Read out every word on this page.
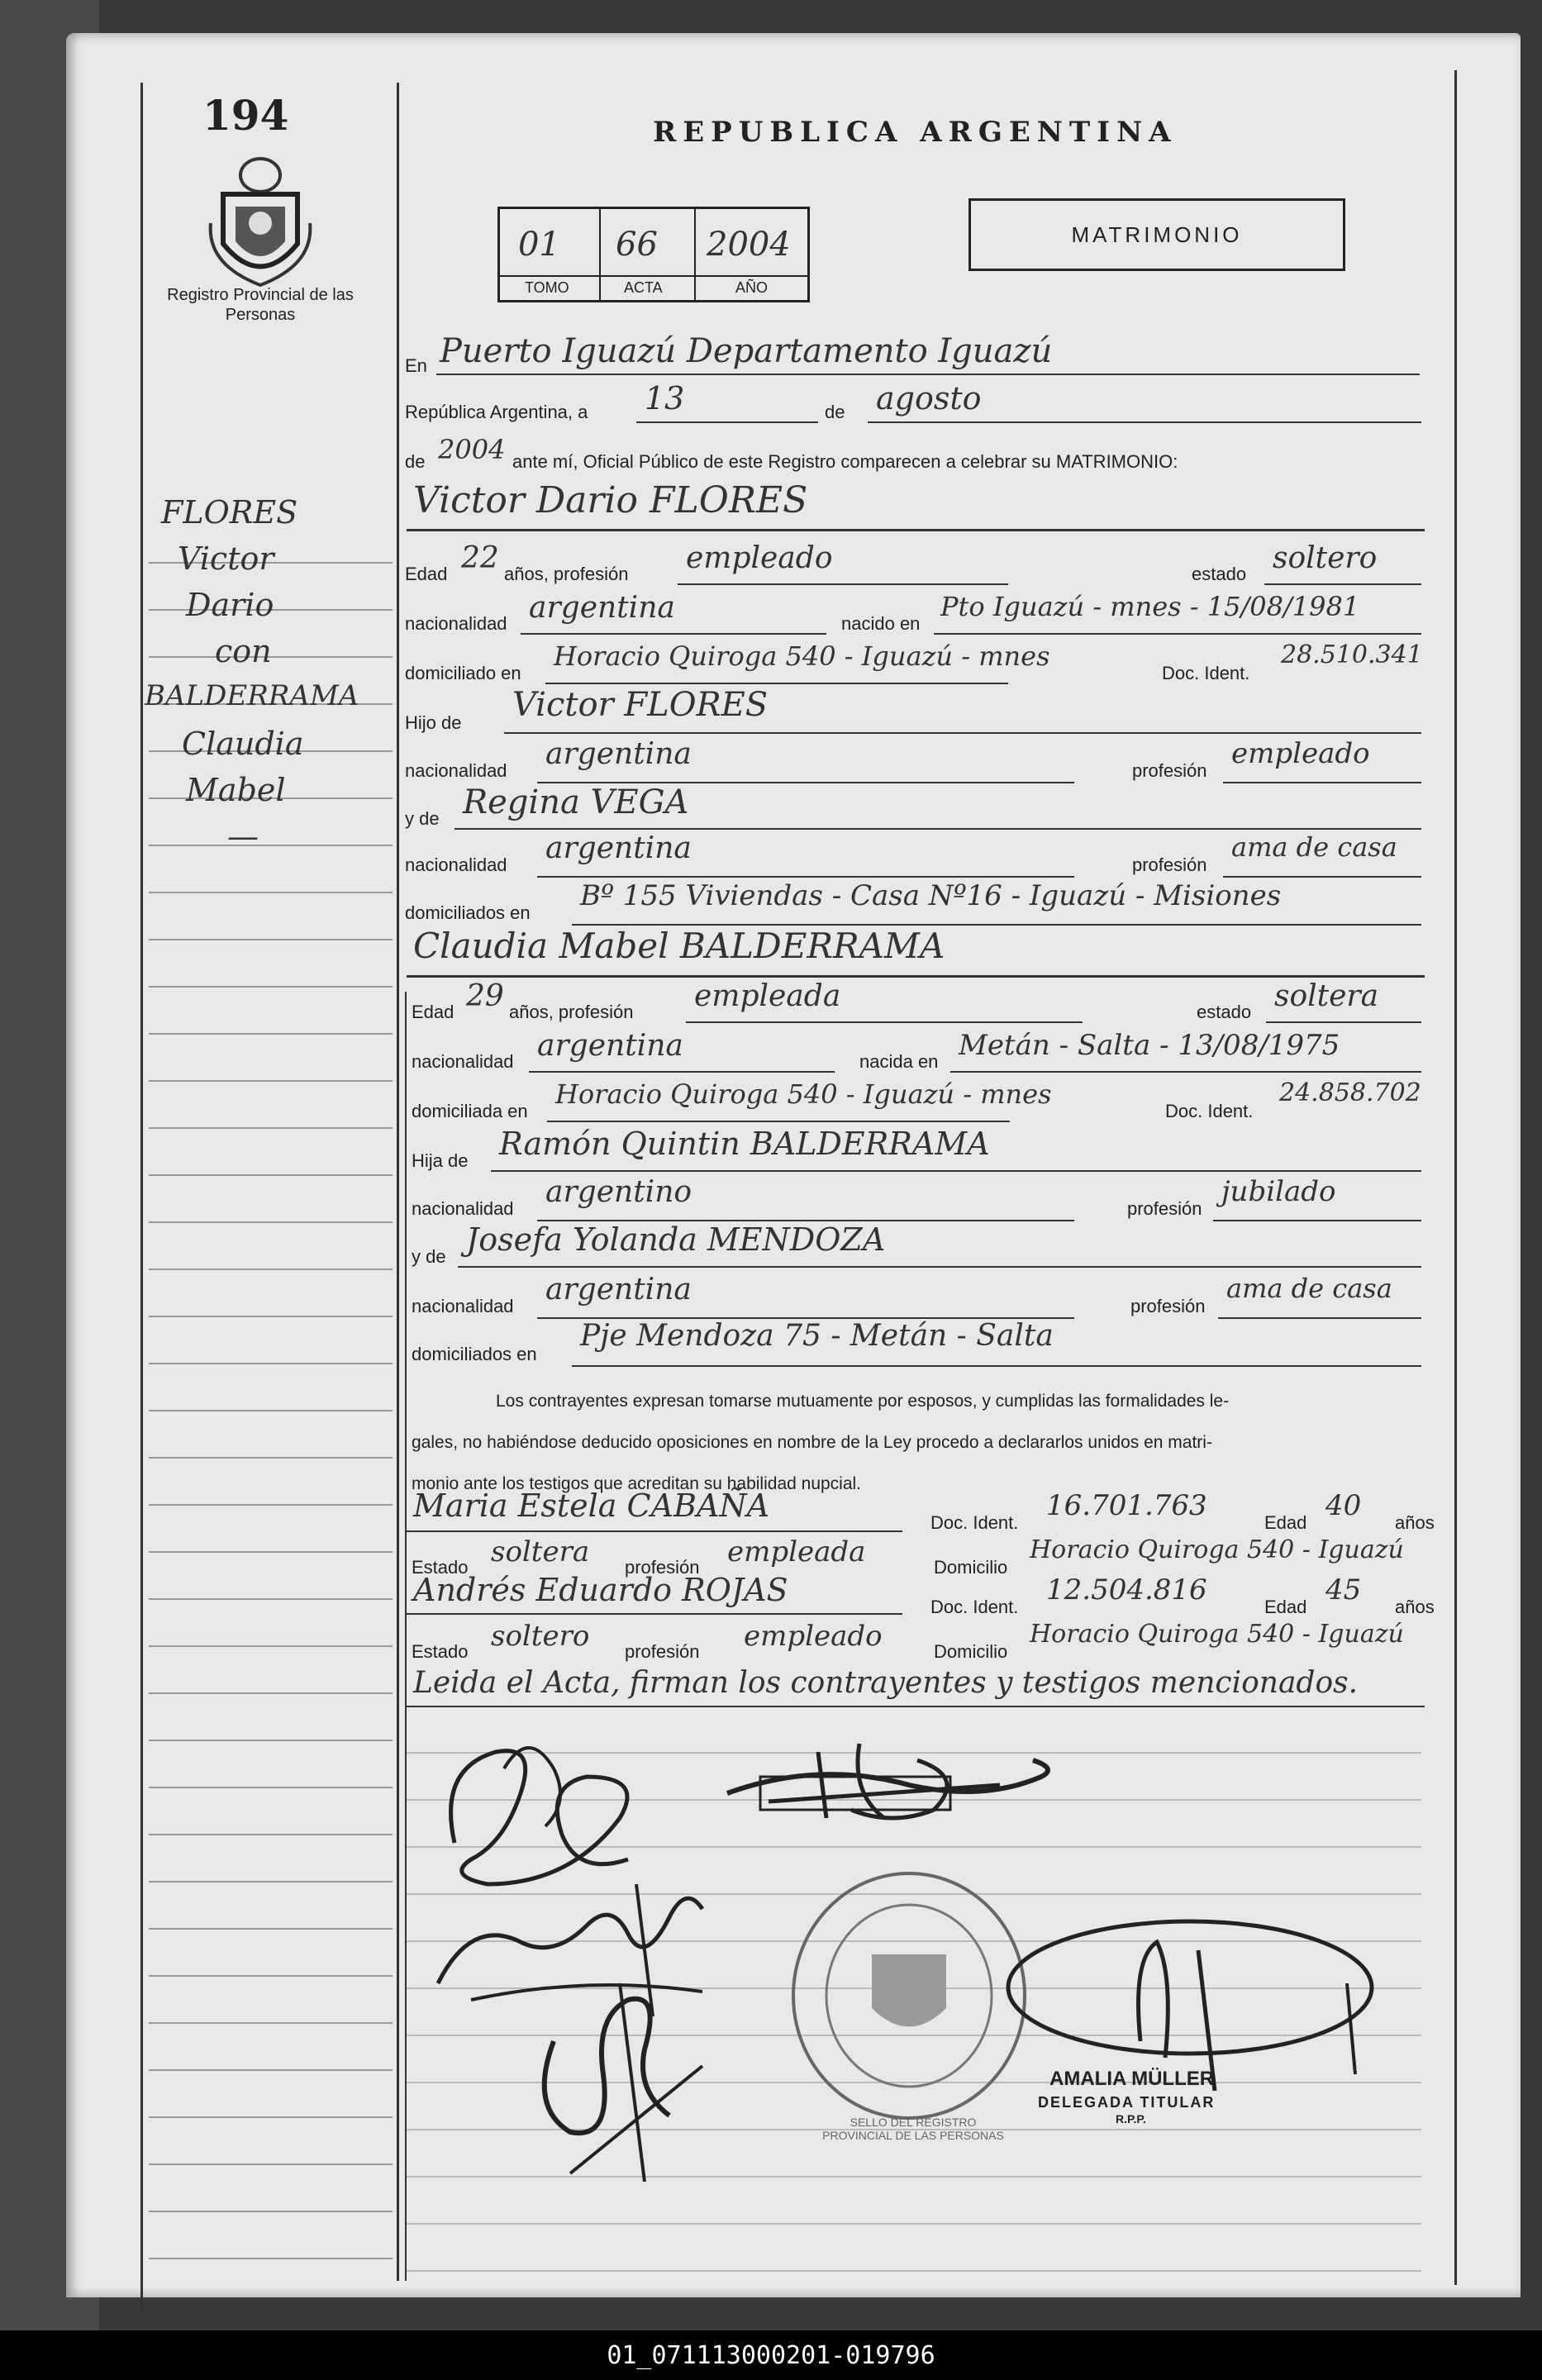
194
Registro Provincial de las Personas
REPUBLICA ARGENTINA
01 66 2004
TOMO	ACTA	AÑO
MATRIMONIO
En Puerto Iguazú Departamento Iguazú
República Argentina, a 13	de agosto
de 2004 ante mí, Oficial Público de este Registro comparecen a celebrar su MATRIMONIO:
Victor Dario FLORES
Edad 22 años, profesión empleado	estado soltero
nacionalidad argentina	nacido en
Pto Iguazú - mnes - 15/08/1981
domiciliado en
Horacio Quiroga 540 - Iguazú - mnes
Doc. Ident.
28.510.341
Hijo de Victor FLORES
nacionalidad argentina	profesión
empleado
y de Regina VEGA
nacionalidad argentina	profesión
ama de casa
domiciliados en
Bº 155 Viviendas - Casa Nº16 - Iguazú - Misiones
Claudia Mabel BALDERRAMA
Edad 29 años, profesión empleada	estado soltera
nacionalidad argentina	nacida en Metán - Salta - 13/08/1975
domiciliada en
Horacio Quiroga 540 - Iguazú - mnes
Doc. Ident.
24.858.702
Hija de Ramón Quintin BALDERRAMA
nacionalidad argentino	profesión
jubilado
y de Josefa Yolanda MENDOZA
nacionalidad argentina	profesión
ama de casa
domiciliados en
Pje Mendoza 75 - Metán - Salta
Los contrayentes expresan tomarse mutuamente por esposos, y cumplidas las formalidades le-
gales, no habiéndose deducido oposiciones en nombre de la Ley procedo a declararlos unidos en matri-
monio ante los testigos que acreditan su habilidad nupcial.
Maria Estela CABAÑA	Doc. Ident.
16.701.763
Edad
40
años
Estado soltera profesión empleada	Domicilio
Horacio Quiroga 540 - Iguazú
Andrés Eduardo ROJAS	Doc. Ident.
12.504.816
Edad
45
años
Estado soltero profesión empleado	Domicilio
Horacio Quiroga 540 - Iguazú
Leida el Acta, firman los contrayentes y testigos mencionados.
SELLO DEL REGISTRO PROVINCIAL DE LAS PERSONAS
AMALIA MÜLLER
DELEGADA TITULAR
R.P.P.
FLORES
Victor
Dario
con
BALDERRAMA
Claudia
Mabel
—
01_071113000201-019796
